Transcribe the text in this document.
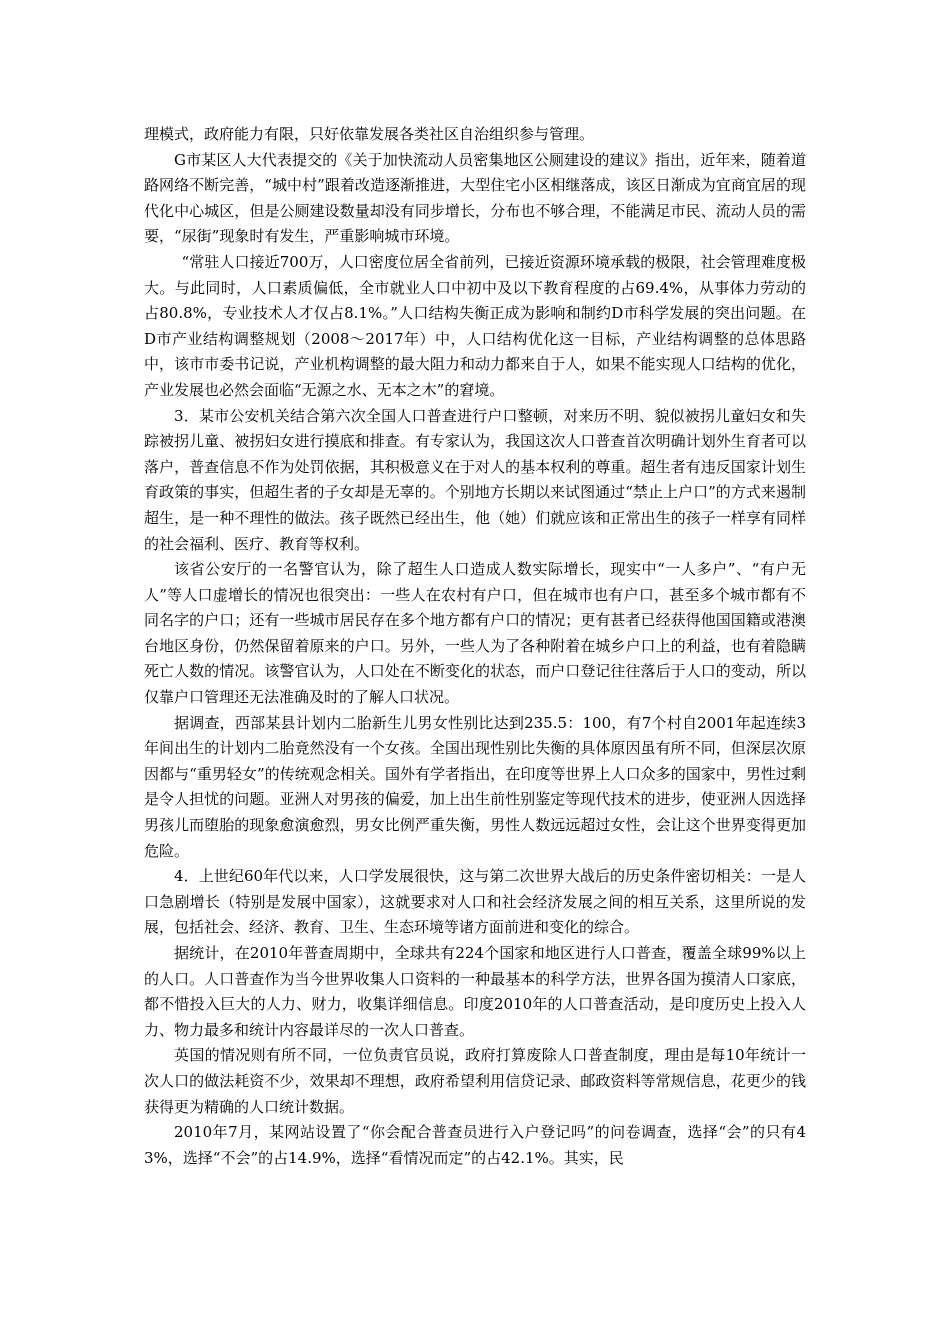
理模式，政府能力有限，只好依靠发展各类社区自治组织参与管理。

G市某区人大代表提交的《关于加快流动人员密集地区公厕建设的建议》指出，近年来，随着道路网络不断完善，“城中村”跟着改造逐渐推进，大型住宅小区相继落成，该区日渐成为宜商宜居的现代化中心城区，但是公厕建设数量却没有同步增长，分布也不够合理，不能满足市民、流动人员的需要，“尿街”现象时有发生，严重影响城市环境。

“常驻人口接近700万，人口密度位居全省前列，已接近资源环境承载的极限，社会管理难度极大。与此同时，人口素质偏低，全市就业人口中初中及以下教育程度的占69.4%，从事体力劳动的占80.8%，专业技术人才仅占8.1%。”人口结构失衡正成为影响和制约D市科学发展的突出问题。在D市产业结构调整规划（2008～2017年）中，人口结构优化这一目标，产业结构调整的总体思路中，该市市委书记说，产业机构调整的最大阻力和动力都来自于人，如果不能实现人口结构的优化，产业发展也必然会面临“无源之水、无本之木”的窘境。

3．某市公安机关结合第六次全国人口普查进行户口整顿，对来历不明、貌似被拐儿童妇女和失踪被拐儿童、被拐妇女进行摸底和排查。有专家认为，我国这次人口普查首次明确计划外生育者可以落户，普查信息不作为处罚依据，其积极意义在于对人的基本权利的尊重。超生者有违反国家计划生育政策的事实，但超生者的子女却是无辜的。个别地方长期以来试图通过“禁止上户口”的方式来遏制超生，是一种不理性的做法。孩子既然已经出生，他（她）们就应该和正常出生的孩子一样享有同样的社会福利、医疗、教育等权利。

该省公安厅的一名警官认为，除了超生人口造成人数实际增长，现实中“一人多户”、“有户无人”等人口虚增长的情况也很突出：一些人在农村有户口，但在城市也有户口，甚至多个城市都有不同名字的户口；还有一些城市居民存在多个地方都有户口的情况；更有甚者已经获得他国国籍或港澳台地区身份，仍然保留着原来的户口。另外，一些人为了各种附着在城乡户口上的利益，也有着隐瞒死亡人数的情况。该警官认为，人口处在不断变化的状态，而户口登记往往落后于人口的变动，所以仅靠户口管理还无法准确及时的了解人口状况。

据调查，西部某县计划内二胎新生儿男女性别比达到235.5：100，有7个村自2001年起连续3年间出生的计划内二胎竟然没有一个女孩。全国出现性别比失衡的具体原因虽有所不同，但深层次原因都与“重男轻女”的传统观念相关。国外有学者指出，在印度等世界上人口众多的国家中，男性过剩是令人担忧的问题。亚洲人对男孩的偏爱，加上出生前性别鉴定等现代技术的进步，使亚洲人因选择男孩儿而堕胎的现象愈演愈烈，男女比例严重失衡，男性人数远远超过女性，会让这个世界变得更加危险。

4．上世纪60年代以来，人口学发展很快，这与第二次世界大战后的历史条件密切相关：一是人口急剧增长（特别是发展中国家），这就要求对人口和社会经济发展之间的相互关系，这里所说的发展，包括社会、经济、教育、卫生、生态环境等诸方面前进和变化的综合。

据统计，在2010年普查周期中，全球共有224个国家和地区进行人口普查，覆盖全球99%以上的人口。人口普查作为当今世界收集人口资料的一种最基本的科学方法，世界各国为摸清人口家底，都不惜投入巨大的人力、财力，收集详细信息。印度2010年的人口普查活动，是印度历史上投入人力、物力最多和统计内容最详尽的一次人口普查。

英国的情况则有所不同，一位负责官员说，政府打算废除人口普查制度，理由是每10年统计一次人口的做法耗资不少，效果却不理想，政府希望利用信贷记录、邮政资料等常规信息，花更少的钱获得更为精确的人口统计数据。

2010年7月，某网站设置了“你会配合普查员进行入户登记吗”的问卷调查，选择“会”的只有43%，选择“不会”的占14.9%，选择“看情况而定”的占42.1%。其实，民
